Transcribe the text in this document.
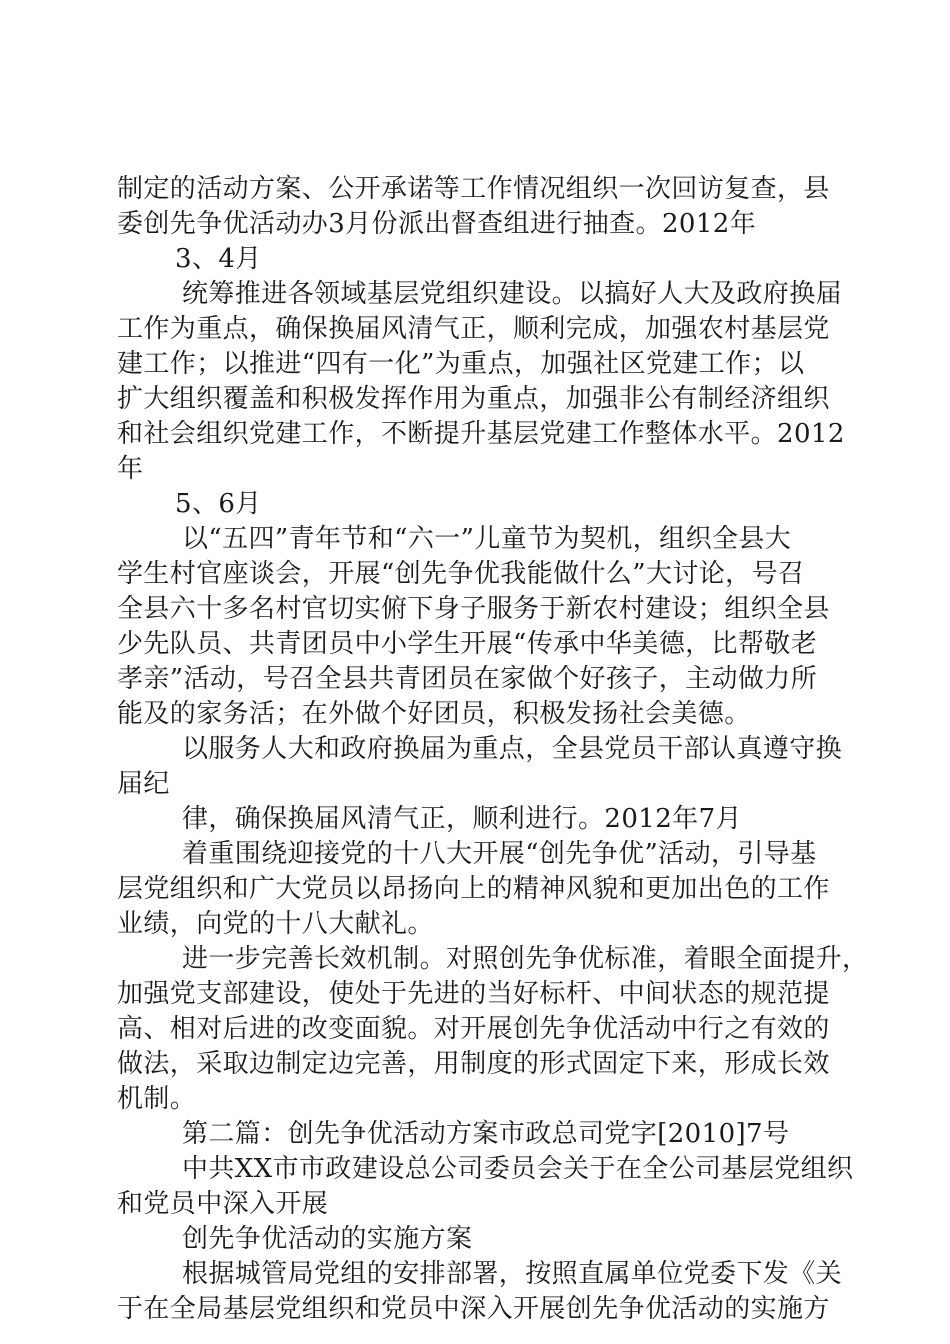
制定的活动方案、公开承诺等工作情况组织一次回访复查，县
委创先争优活动办3月份派出督查组进行抽查。2012年
3、4月
统筹推进各领域基层党组织建设。以搞好人大及政府换届
工作为重点，确保换届风清气正，顺利完成，加强农村基层党
建工作；以推进“四有一化”为重点，加强社区党建工作；以
扩大组织覆盖和积极发挥作用为重点，加强非公有制经济组织
和社会组织党建工作，不断提升基层党建工作整体水平。2012
年
5、6月
以“五四”青年节和“六一”儿童节为契机，组织全县大
学生村官座谈会，开展“创先争优我能做什么”大讨论，号召
全县六十多名村官切实俯下身子服务于新农村建设；组织全县
少先队员、共青团员中小学生开展“传承中华美德，比帮敬老
孝亲”活动，号召全县共青团员在家做个好孩子，主动做力所
能及的家务活；在外做个好团员，积极发扬社会美德。
以服务人大和政府换届为重点，全县党员干部认真遵守换
届纪
律，确保换届风清气正，顺利进行。2012年7月
着重围绕迎接党的十八大开展“创先争优”活动，引导基
层党组织和广大党员以昂扬向上的精神风貌和更加出色的工作
业绩，向党的十八大献礼。
进一步完善长效机制。对照创先争优标准，着眼全面提升，
加强党支部建设，使处于先进的当好标杆、中间状态的规范提
高、相对后进的改变面貌。对开展创先争优活动中行之有效的
做法，采取边制定边完善，用制度的形式固定下来，形成长效
机制。
第二篇：创先争优活动方案市政总司党字[2010]7号
中共XX市市政建设总公司委员会关于在全公司基层党组织
和党员中深入开展
创先争优活动的实施方案
根据城管局党组的安排部署，按照直属单位党委下发《关
于在全局基层党组织和党员中深入开展创先争优活动的实施方
